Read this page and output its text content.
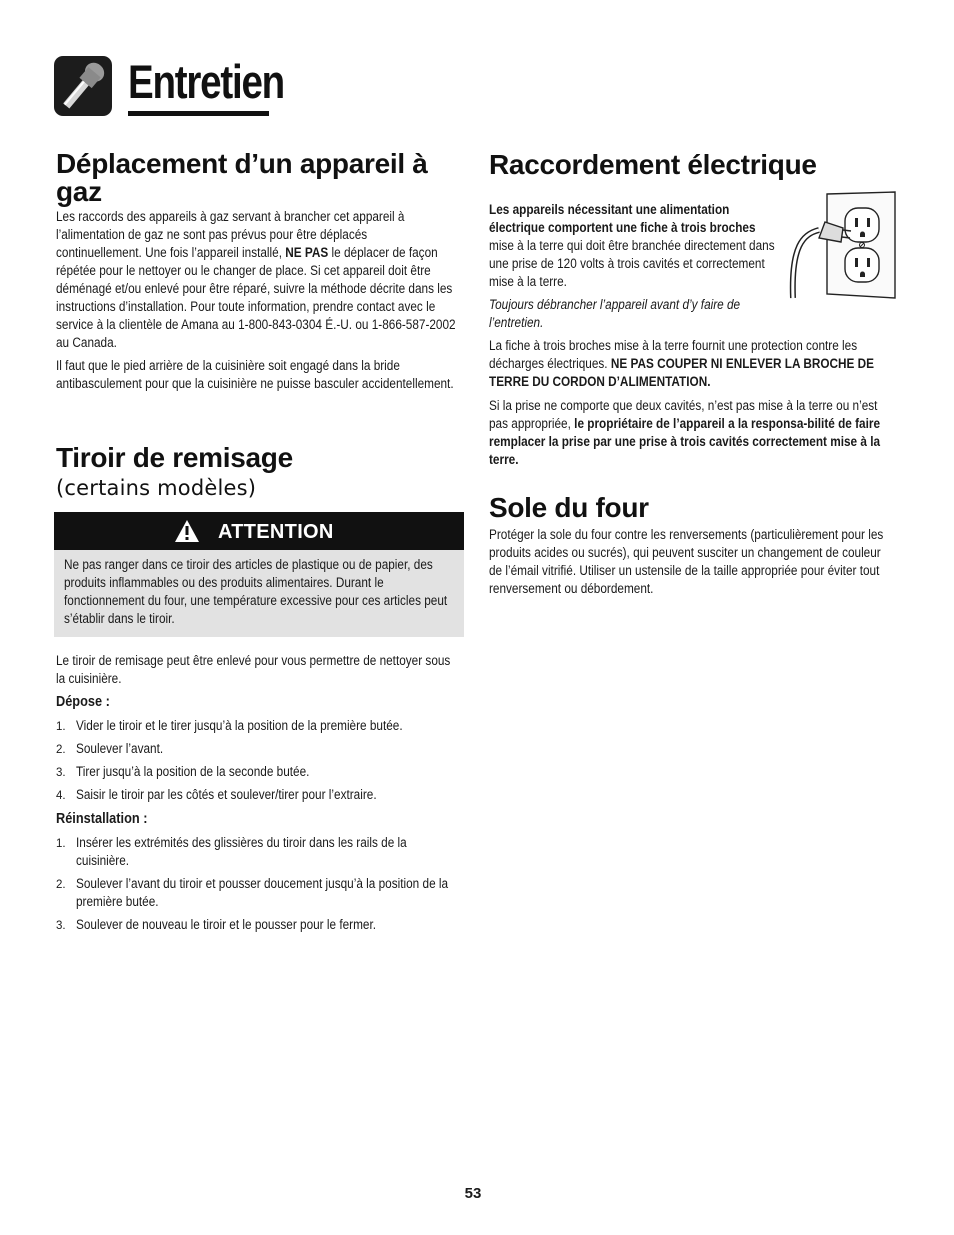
Entretien
Déplacement d’un appareil à gaz

Les raccords des appareils à gaz servant à brancher cet appareil à l’alimentation de gaz ne sont pas prévus pour être déplacés continuellement. Une fois l’appareil installé, NE PAS le déplacer de façon répétée pour le nettoyer ou le changer de place. Si cet appareil doit être déménagé et/ou enlevé pour être réparé, suivre la méthode décrite dans les instructions d’installation. Pour toute information, prendre contact avec le service à la clientèle de Amana au 1-800-843-0304 É.-U. ou 1-866-587-2002 au Canada.

Il faut que le pied arrière de la cuisinière soit engagé dans la bride antibasculement pour que la cuisinière ne puisse basculer accidentellement.

Tiroir de remisage

(certains modèles)

ATTENTION

Ne pas ranger dans ce tiroir des articles de plastique ou de papier, des produits inflammables ou des produits alimentaires. Durant le fonctionnement du four, une température excessive pour ces articles peut s’établir dans le tiroir.

Le tiroir de remisage peut être enlevé pour vous permettre de nettoyer sous la cuisinière.

Dépose :

1. Vider le tiroir et le tirer jusqu’à la position de la première butée.
2. Soulever l’avant.
3. Tirer jusqu’à la position de la seconde butée.
4. Saisir le tiroir par les côtés et soulever/tirer pour l’extraire.

Réinstallation :

1. Insérer les extrémités des glissières du tiroir dans les rails de la cuisinière.
2. Soulever l’avant du tiroir et pousser doucement jusqu’à la position de la première butée.
3. Soulever de nouveau le tiroir et le pousser pour le fermer.
Raccordement électrique

Les appareils nécessitant une alimentation électrique comportent une fiche à trois broches mise à la terre qui doit être branchée directement dans une prise de 120 volts à trois cavités et correctement mise à la terre.

Toujours débrancher l’appareil avant d’y faire de l’entretien.

La fiche à trois broches mise à la terre fournit une protection contre les décharges électriques. NE PAS COUPER NI ENLEVER LA BROCHE DE TERRE DU CORDON D’ALIMENTATION.

Si la prise ne comporte que deux cavités, n’est pas mise à la terre ou n’est pas appropriée, le propriétaire de l’appareil a la responsa-bilité de faire remplacer la prise par une prise à trois cavités correctement mise à la terre.

Sole du four

Protéger la sole du four contre les renversements (particulièrement pour les produits acides ou sucrés), qui peuvent susciter un changement de couleur de l’émail vitrifié. Utiliser un ustensile de la taille appropriée pour éviter tout renversement ou débordement.

53
